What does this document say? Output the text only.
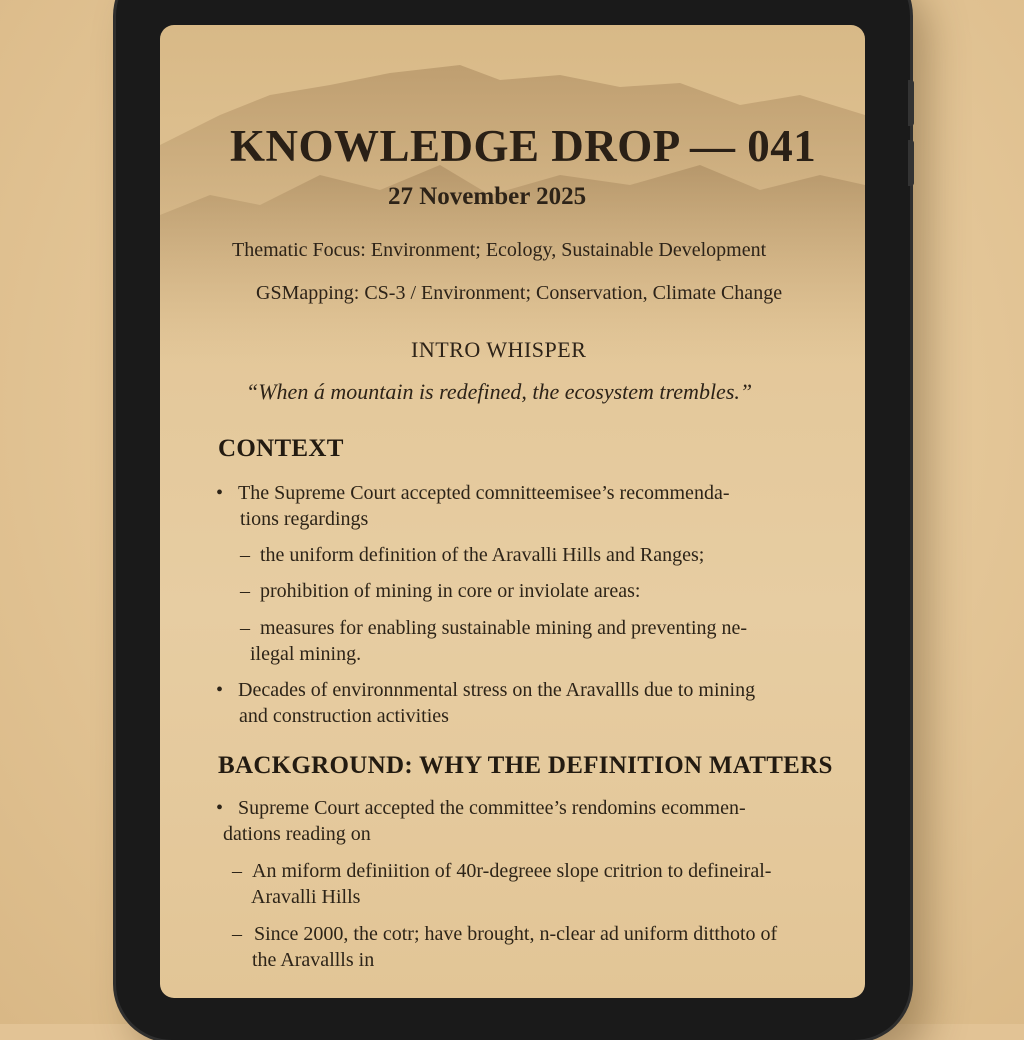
KNOWLEDGE DROP — 041
27 November 2025
Thematic Focus: Environment; Ecology, Sustainable Development
GSMapping: CS-3 / Environment; Conservation, Climate Change
INTRO WHISPER
“When á mountain is redefined, the ecosystem trembles.”
CONTEXT
• The Supreme Court accepted comnitteemisee’s recommenda-
tions regardings
– the uniform definition of the Aravalli Hills and Ranges;
– prohibition of mining in core or inviolate areas:
– measures for enabling sustainable mining and preventing ne-
ilegal mining.
• Decades of environnmental stress on the Aravallls due to mining
and construction activities
BACKGROUND: WHY THE DEFINITION MATTERS
• Supreme Court accepted the committee’s rendomins ecommen-
dations reading on
– An miform definiition of 40r-degreee slope critrion to defineiral-
Aravalli Hills
– Since 2000, the cotr; have brought, n-clear ad uniform ditthoto of
the Aravallls in
